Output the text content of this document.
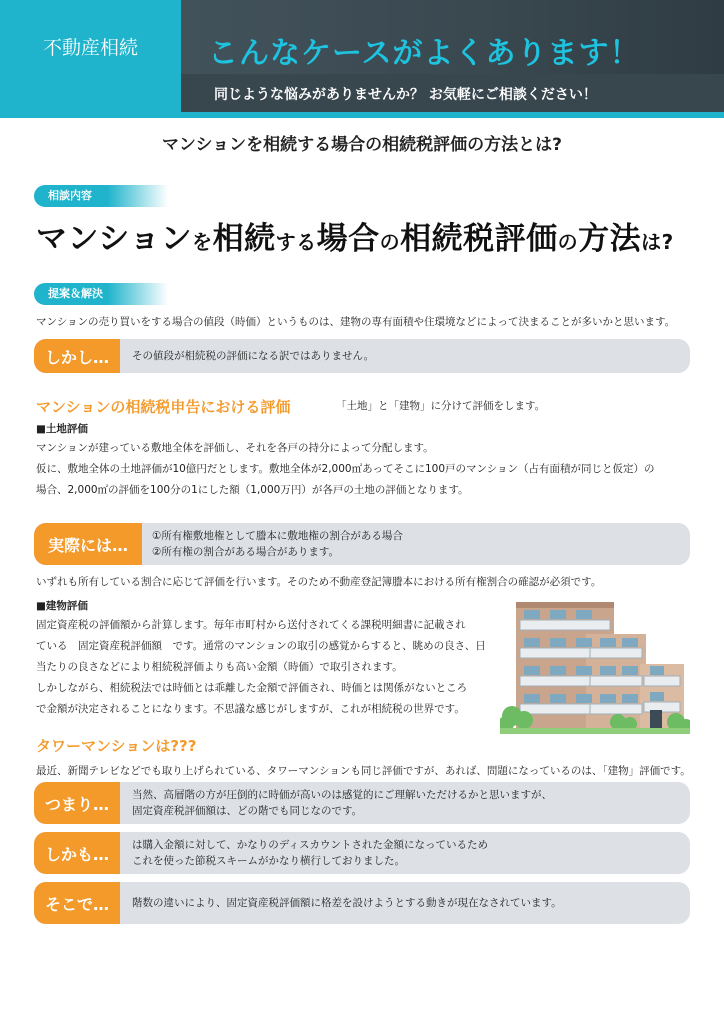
不動産相続	こんなケースがよくあります！
同じような悩みがありませんか？ お気軽にご相談ください！
マンションを相続する場合の相続税評価の方法とは?
相談内容
マンションを相続する場合の相続税評価の方法は?
提案＆解決
マンションの売り買いをする場合の値段（時価）というものは、建物の専有面積や住環境などによって決まることが多いかと思います。
しかし…	その値段が相続税の評価になる訳ではありません。
マンションの相続税申告における評価	「土地」と「建物」に分けて評価をします。
■土地評価
マンションが建っている敷地全体を評価し、それを各戸の持分によって分配します。
仮に、敷地全体の土地評価が10億円だとします。敷地全体が2,000㎡あってそこに100戸のマンション（占有面積が同じと仮定）の
場合、2,000㎡の評価を100分の1にした額（1,000万円）が各戸の土地の評価となります。
実際には…	①所有権敷地権として謄本に敷地権の割合がある場合
②所有権の割合がある場合があります。
いずれも所有している割合に応じて評価を行います。そのため不動産登記簿謄本における所有権割合の確認が必須です。
■建物評価
固定資産税の評価額から計算します。毎年市町村から送付されてくる課税明細書に記載され
ている　固定資産税評価額　です。通常のマンションの取引の感覚からすると、眺めの良さ、日
当たりの良さなどにより相続税評価よりも高い金額（時価）で取引されます。
しかしながら、相続税法では時価とは乖離した金額で評価され、時価とは関係がないところ
で金額が決定されることになります。不思議な感じがしますが、これが相続税の世界です。
タワーマンションは???
最近、新聞テレビなどでも取り上げられている、タワーマンションも同じ評価ですが、あれば、問題になっているのは、「建物」評価です。
つまり…	当然、高層階の方が圧倒的に時価が高いのは感覚的にご理解いただけるかと思いますが、
固定資産税評価額は、どの階でも同じなのです。
しかも…	は購入金額に対して、かなりのディスカウントされた金額になっているため
これを使った節税スキームがかなり横行しておりました。
そこで…	階数の違いにより、固定資産税評価額に格差を設けようとする動きが現在なされています。
